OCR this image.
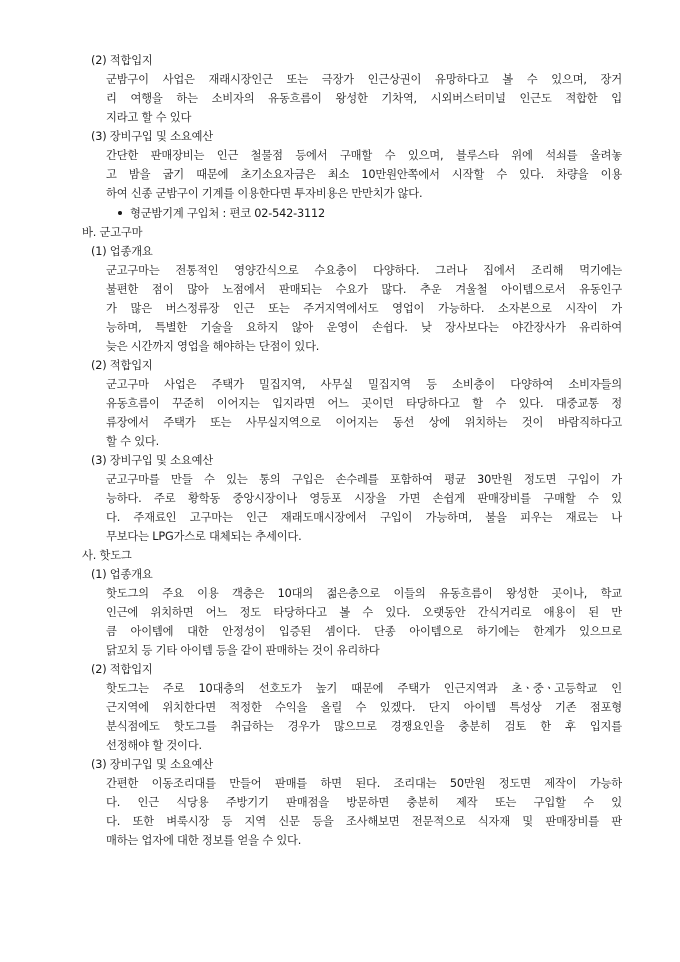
(2) 적합입지
군밤구이 사업은 재래시장인근 또는 극장가 인근상권이 유망하다고 볼 수 있으며, 장거
리 여행을 하는 소비자의 유동흐름이 왕성한 기차역, 시외버스터미널 인근도 적합한 입
지라고 할 수 있다
(3) 장비구입 및 소요예산
간단한 판매장비는 인근 철물점 등에서 구매할 수 있으며, 블루스타 위에 석쇠를 올려놓
고 밤을 굽기 때문에 초기소요자금은 최소 10만원안쪽에서 시작할 수 있다. 차량을 이용
하여 신종 군밤구이 기계를 이용한다면 투자비용은 만만치가 않다.
형군밤기계 구입처 : 편코 02-542-3112
바. 군고구마
(1) 업종개요
군고구마는 전통적인 영양간식으로 수요층이 다양하다. 그러나 집에서 조리해 먹기에는
불편한 점이 많아 노점에서 판매되는 수요가 많다. 추운 겨울철 아이템으로서 유동인구
가 많은 버스정류장 인근 또는 주거지역에서도 영업이 가능하다. 소자본으로 시작이 가
능하며, 특별한 기술을 요하지 않아 운영이 손쉽다. 낮 장사보다는 야간장사가 유리하여
늦은 시간까지 영업을 해야하는 단점이 있다.
(2) 적합입지
군고구마 사업은 주택가 밀집지역, 사무실 밀집지역 등 소비층이 다양하여 소비자들의
유동흐름이 꾸준히 이어지는 입지라면 어느 곳이던 타당하다고 할 수 있다. 대중교통 정
류장에서 주택가 또는 사무실지역으로 이어지는 동선 상에 위치하는 것이 바람직하다고
할 수 있다.
(3) 장비구입 및 소요예산
군고구마를 만들 수 있는 통의 구입은 손수레를 포함하여 평균 30만원 정도면 구입이 가
능하다. 주로 황학동 중앙시장이나 영등포 시장을 가면 손쉽게 판매장비를 구매할 수 있
다. 주재료인 고구마는 인근 재래도매시장에서 구입이 가능하며, 불을 피우는 재료는 나
무보다는 LPG가스로 대체되는 추세이다.
사. 핫도그
(1) 업종개요
핫도그의 주요 이용 객층은 10대의 젊은층으로 이들의 유동흐름이 왕성한 곳이나, 학교
인근에 위치하면 어느 정도 타당하다고 볼 수 있다. 오랫동안 간식거리로 애용이 된 만
큼 아이템에 대한 안정성이 입증된 셈이다. 단종 아이템으로 하기에는 한계가 있으므로
닭꼬치 등 기타 아이템 등을 같이 판매하는 것이 유리하다
(2) 적합입지
핫도그는 주로 10대층의 선호도가 높기 때문에 주택가 인근지역과 초ㆍ중ㆍ고등학교 인
근지역에 위치한다면 적정한 수익을 올릴 수 있겠다. 단지 아이템 특성상 기존 점포형
분식점에도 핫도그를 취급하는 경우가 많으므로 경쟁요인을 충분히 검토 한 후 입지를
선정해야 할 것이다.
(3) 장비구입 및 소요예산
간편한 이동조리대를 만들어 판매를 하면 된다. 조리대는 50만원 정도면 제작이 가능하
다. 인근 식당용 주방기기 판매점을 방문하면 충분히 제작 또는 구입할 수 있
다. 또한 벼룩시장 등 지역 신문 등을 조사해보면 전문적으로 식자재 및 판매장비를 판
매하는 업자에 대한 정보를 얻을 수 있다.
